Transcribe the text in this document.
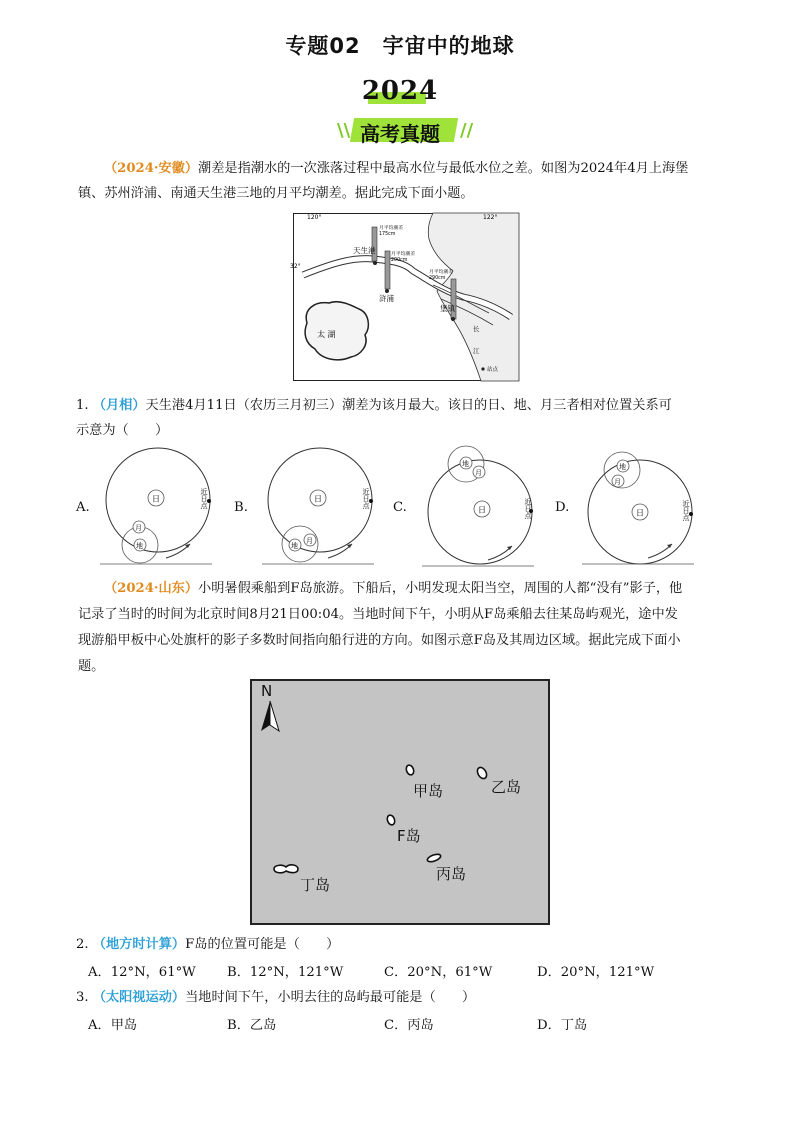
专题02　宇宙中的地球
2024
\\	//
高考真题
（2024·安徽）潮差是指潮水的一次涨落过程中最高水位与最低水位之差。如图为2024年4月上海堡
镇、苏州浒浦、南通天生港三地的月平均潮差。据此完成下面小题。
120°	122°
32°
天生港
浒浦
堡镇
太 湖
月平均潮差
175cm
月平均潮差
200cm
月平均潮差
290cm
长
江
站点
1. （月相）天生港4月11日（农历三月初三）潮差为该月最大。该日的日、地、月三者相对位置关系可
示意为（　　）
A.
日
地
月
近日点 B.
日
地
月
近日点 C.	日
地
月
近日点 D.	日
地
月
近日点
（2024·山东）小明暑假乘船到F岛旅游。下船后，小明发现太阳当空，周围的人都“没有”影子，他
记录了当时的时间为北京时间8月21日00:04。当地时间下午，小明从F岛乘船去往某岛屿观光，途中发
现游船甲板中心处旗杆的影子多数时间指向船行进的方向。如图示意F岛及其周边区域。据此完成下面小
题。
N
甲岛	乙岛
F岛
丙岛
丁岛
2. （地方时计算）F岛的位置可能是（　　）
A．12°N，61°W B．12°N，121°W	C．20°N，61°W	D．20°N，121°W
3. （太阳视运动）当地时间下午，小明去往的岛屿最可能是（　　）
A．甲岛	B．乙岛	C．丙岛	D．丁岛
